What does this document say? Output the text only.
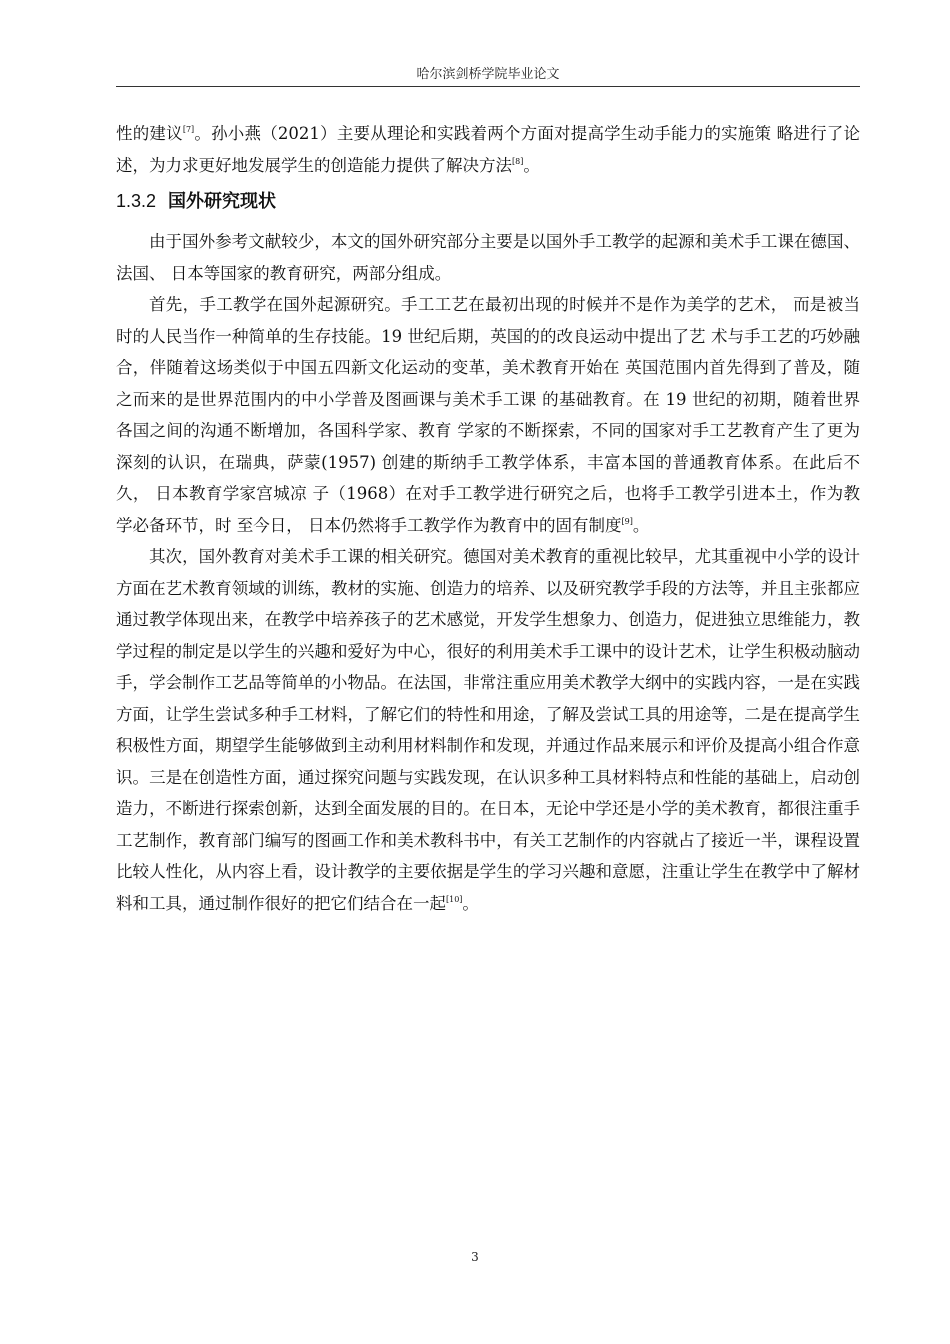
哈尔滨剑桥学院毕业论文

性的建议[7]。孙小燕（2021）主要从理论和实践着两个方面对提高学生动手能力的实施策 略进行了论述，为力求更好地发展学生的创造能力提供了解决方法[8]。

1.3.2 国外研究现状

由于国外参考文献较少，本文的国外研究部分主要是以国外手工教学的起源和美术手工课在德国、法国、 日本等国家的教育研究，两部分组成。

首先，手工教学在国外起源研究。手工工艺在最初出现的时候并不是作为美学的艺术， 而是被当时的人民当作一种简单的生存技能。19 世纪后期，英国的的改良运动中提出了艺 术与手工艺的巧妙融合，伴随着这场类似于中国五四新文化运动的变革，美术教育开始在 英国范围内首先得到了普及，随之而来的是世界范围内的中小学普及图画课与美术手工课 的基础教育。在 19 世纪的初期，随着世界各国之间的沟通不断增加，各国科学家、教育 学家的不断探索，不同的国家对手工艺教育产生了更为深刻的认识，在瑞典，萨蒙(1957) 创建的斯纳手工教学体系，丰富本国的普通教育体系。在此后不久， 日本教育学家宫城凉 子（1968）在对手工教学进行研究之后，也将手工教学引进本土，作为教学必备环节，时 至今日， 日本仍然将手工教学作为教育中的固有制度[9]。

其次，国外教育对美术手工课的相关研究。德国对美术教育的重视比较早，尤其重视中小学的设计方面在艺术教育领域的训练，教材的实施、创造力的培养、以及研究教学手段的方法等，并且主张都应通过教学体现出来，在教学中培养孩子的艺术感觉，开发学生想象力、创造力，促进独立思维能力，教学过程的制定是以学生的兴趣和爱好为中心，很好的利用美术手工课中的设计艺术，让学生积极动脑动手，学会制作工艺品等简单的小物品。在法国，非常注重应用美术教学大纲中的实践内容，一是在实践方面，让学生尝试多种手工材料，了解它们的特性和用途，了解及尝试工具的用途等，二是在提高学生积极性方面，期望学生能够做到主动利用材料制作和发现，并通过作品来展示和评价及提高小组合作意识。三是在创造性方面，通过探究问题与实践发现，在认识多种工具材料特点和性能的基础上，启动创造力，不断进行探索创新，达到全面发展的目的。在日本，无论中学还是小学的美术教育，都很注重手工艺制作，教育部门编写的图画工作和美术教科书中，有关工艺制作的内容就占了接近一半，课程设置比较人性化，从内容上看，设计教学的主要依据是学生的学习兴趣和意愿，注重让学生在教学中了解材料和工具，通过制作很好的把它们结合在一起[10]。

3
